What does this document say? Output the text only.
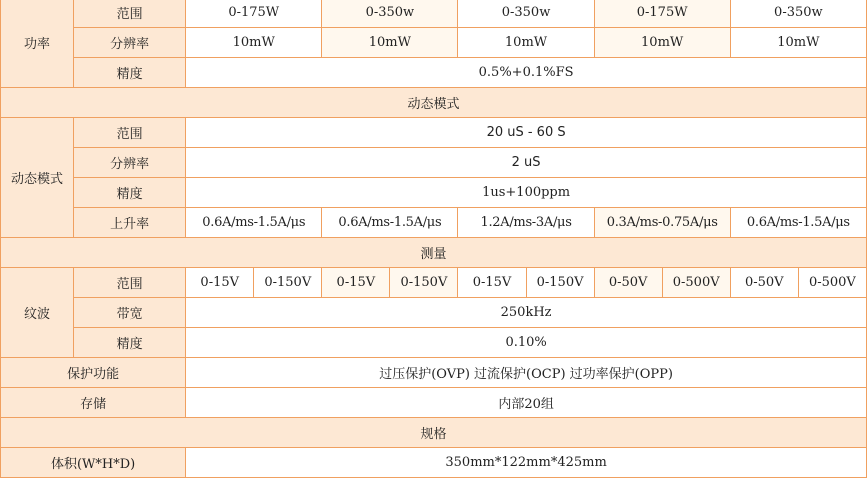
功率	范围	0-175W		0-350w		0-350w		0-175W		0-350w	
	分辨率	10mW		10mW		10mW		10mW		10mW	
	精度	0.5%+0.1%FS									
动态模式											
动态模式	范围	20 uS - 60 S									
	分辨率	2 uS									
	精度	1us+100ppm									
	上升率	0.6A/ms-1.5A/μs		0.6A/ms-1.5A/μs		1.2A/ms-3A/μs		0.3A/ms-0.75A/μs		0.6A/ms-1.5A/μs	
测量											
纹波	范围	0-15V	0-150V	0-15V	0-150V	0-15V	0-150V	0-50V	0-500V	0-50V	0-500V
	带宽	250kHz									
	精度	0.10%									
保护功能		过压保护(OVP) 过流保护(OCP) 过功率保护(OPP)									
存储		内部20组									
规格											
体积(W*H*D)		350mm*122mm*425mm									
